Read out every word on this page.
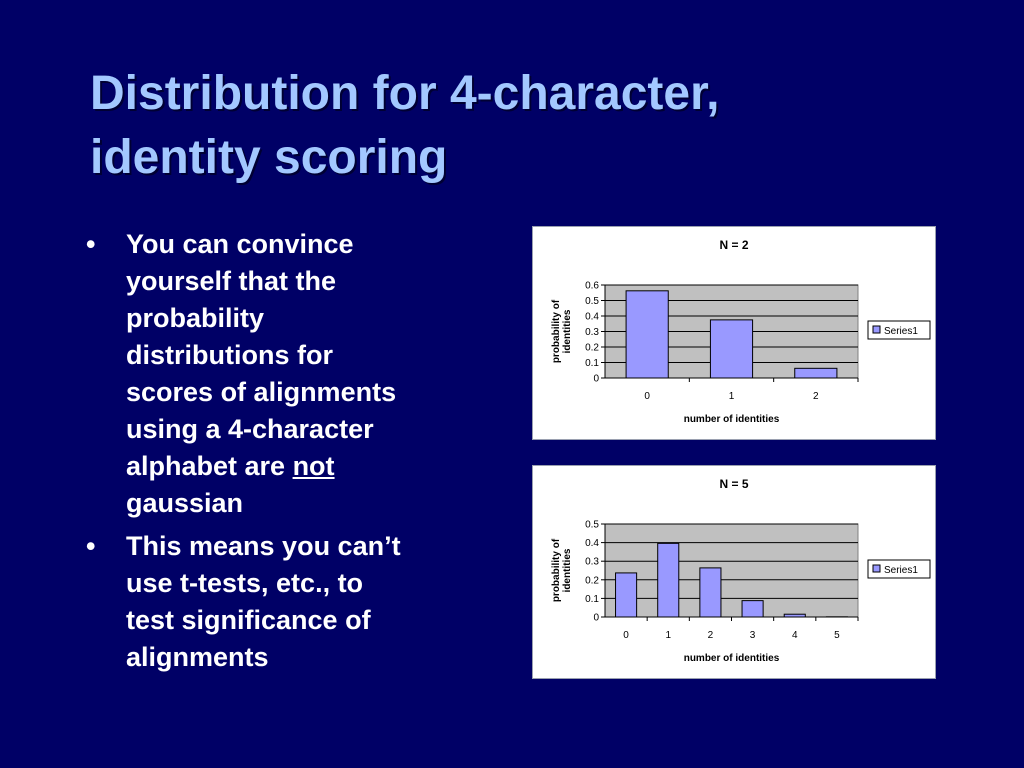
Distribution for 4-character,
identity scoring
• You can convince
yourself that the
probability
distributions for
scores of alignments
using a 4-character
alphabet are not
gaussian
• This means you can’t
use t-tests, etc., to
test significance of
alignments
N = 2
0
0.1
0.2
0.3
0.4
0.5
0.6
0	1	2
number of identities
probability ofidentities	Series1
N = 5
0
0.1
0.2
0.3
0.4
0.5
0	1	2	3	4	5
number of identities
probability ofidentities	Series1
